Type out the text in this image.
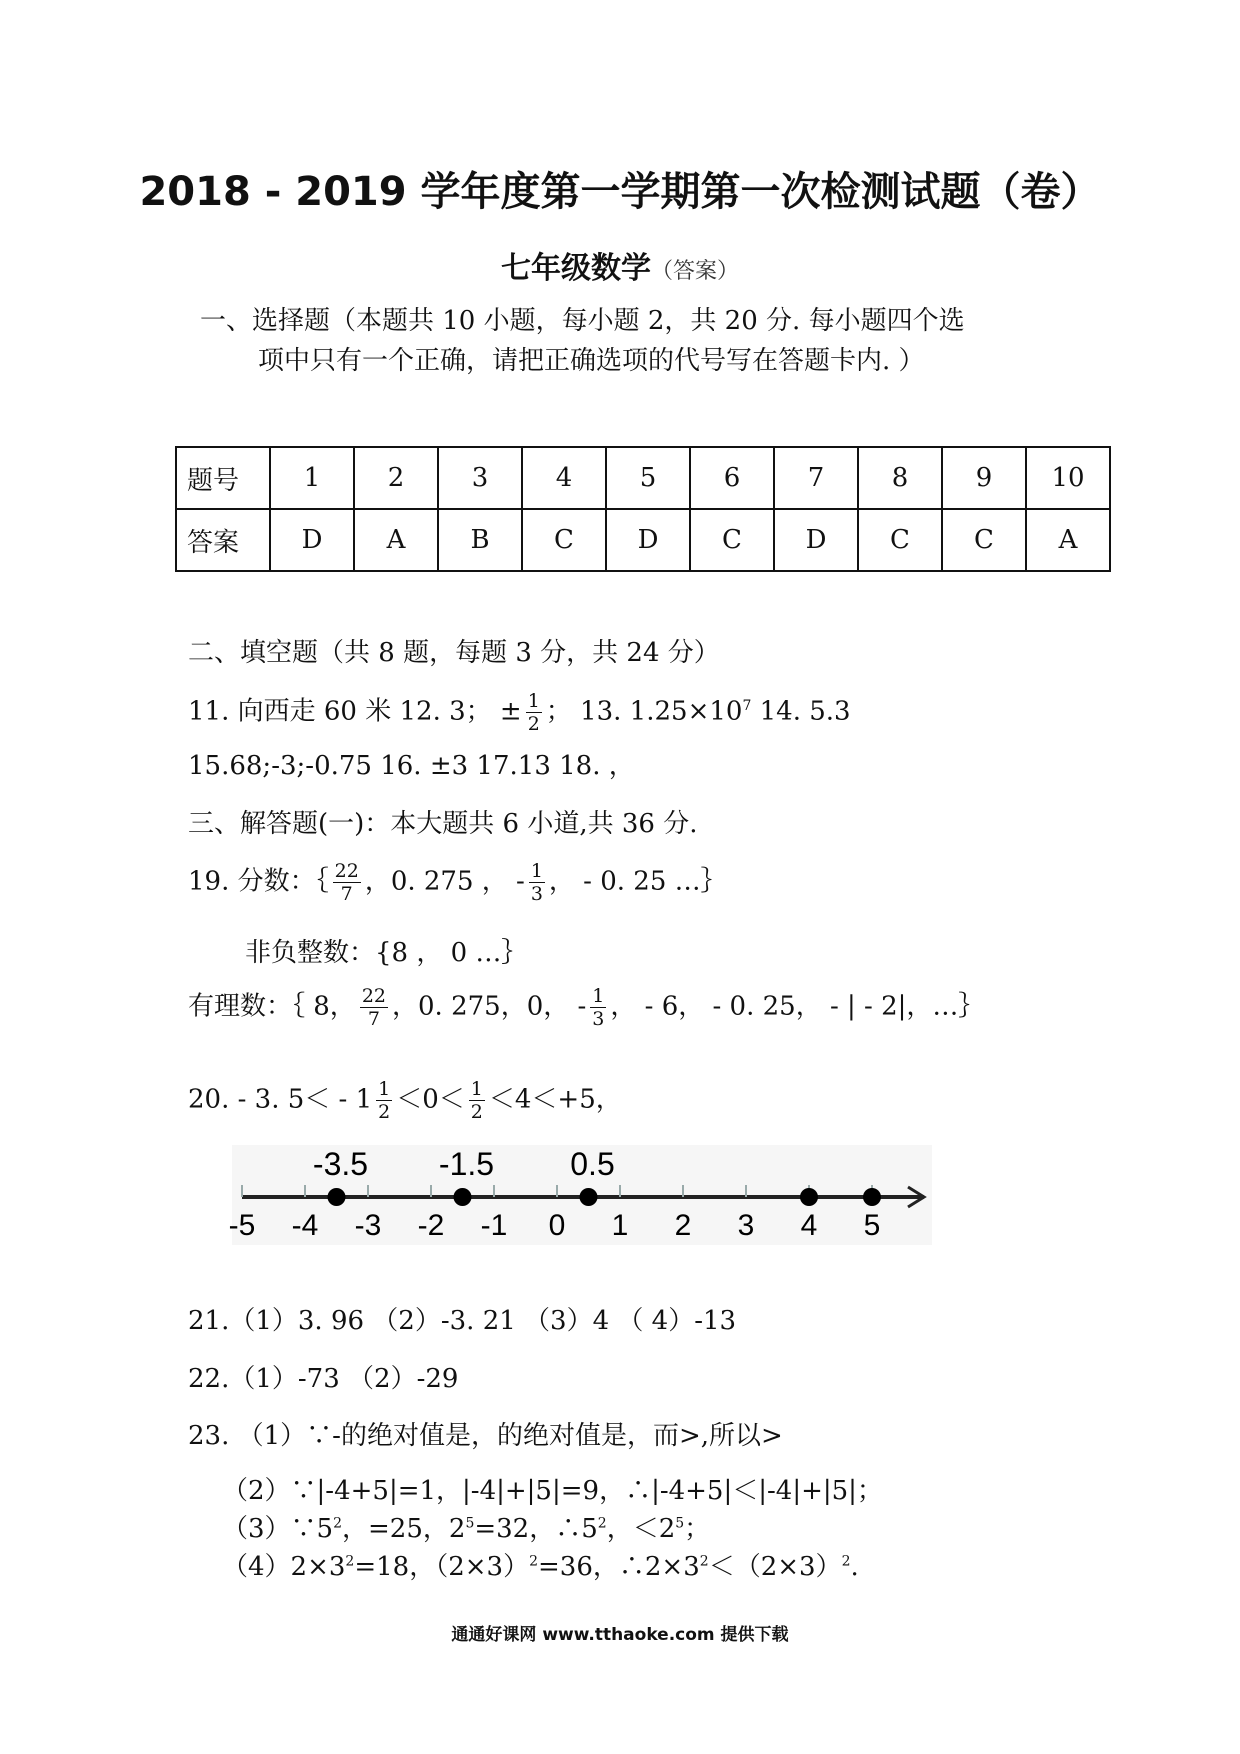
2018 - 2019 学年度第一学期第一次检测试题（卷）
七年级数学（答案）
一、选择题（本题共 10 小题，每小题 2，共 20 分. 每小题四个选
项中只有一个正确，请把正确选项的代号写在答题卡内. ）
题号	1	2	3	4	5	6	7	8	9	10
答案	D	A	B	C	D	C	D	C	C	A
二、填空题（共 8 题，每题 3 分，共 24 分）
11. 向西走 60 米 12. 3； ± $\frac{1}{2}$ ； 13. $1.25\times 10^7$ 14. 5.3
15.68;-3;-0.75 16. ±3 17.13 18. ，
三、解答题(一)：本大题共 6 小道,共 36 分.
19. 分数：｛ $\frac{22}{7}$ ，0. 275 ， - $\frac{1}{3}$ ， - 0. 25 …｝
非负整数：{8 ， 0 …｝
有理数：｛ 8， $\frac{22}{7}$ ，0. 275，0， - $\frac{1}{3}$ ， - 6， - 0. 25， - | - 2|，…｝
20. - 3. $5< - 1 \frac{1}{2} <0< \frac{1}{2} <4<+5$，
-5 -4 -3 -2 -1 0 1 2 3 4 5
-3.5 -1.5 0.5
21.（1）3. 96 （2）-3. 21 （3）4 （ 4）-13
22.（1）-73 （2）-29
23. （1）∵-的绝对值是，的绝对值是，而>,所以>
（2）∵|-4+5|=1，|-4|+|5|=9，∴|-4+5|＜|-4|+|5|；
$(3)\because 5^2$，=25，$2^5=32$，$\therefore 5^2$，$<2^5$；
$(4)2\times 3^2=18$，$(2\times 3)^2=36$，$\therefore 2\times 3^2<(2\times 3)^2$.
通通好课网 www.tthaoke.com 提供下载
